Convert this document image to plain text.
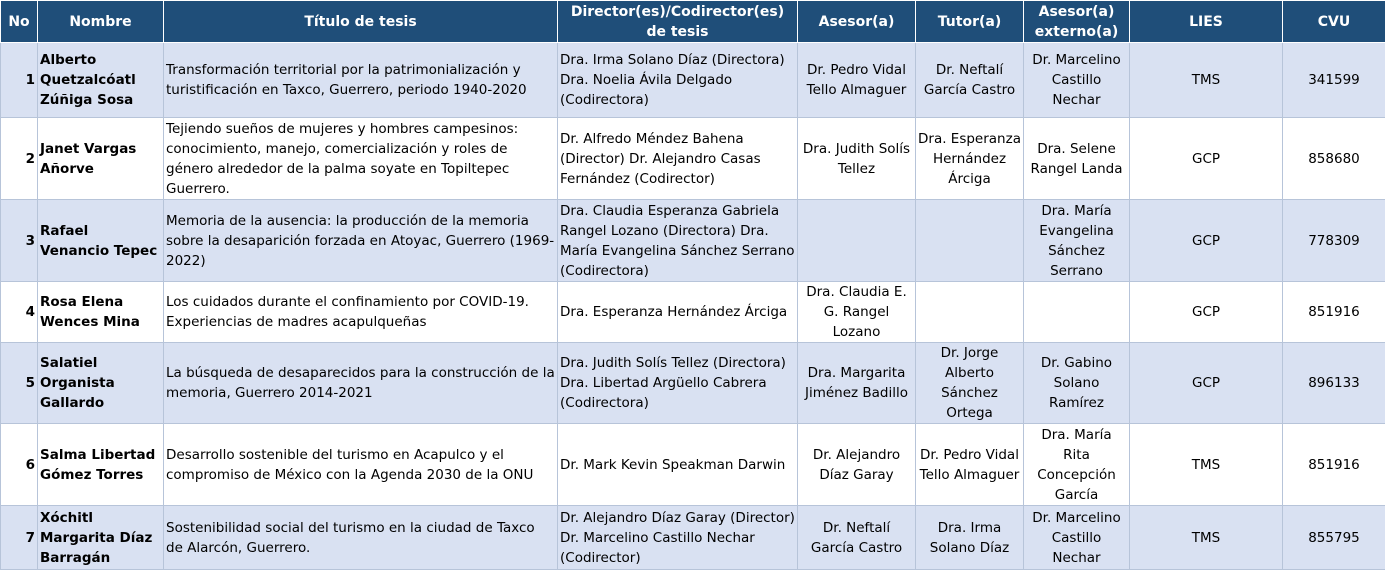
No	Nombre	Título de tesis	Director(es)/Codirector(es) de tesis	Asesor(a)	Tutor(a)	Asesor(a) externo(a)	LIES	CVU
1	Alberto Quetzalcóatl Zúñiga Sosa	Transformación territorial por la patrimonialización y turistificación en Taxco, Guerrero, periodo 1940-2020	Dra. Irma Solano Díaz (Directora) Dra. Noelia Ávila Delgado (Codirectora)	Dr. Pedro Vidal Tello Almaguer	Dr. Neftalí García Castro	Dr. Marcelino Castillo Nechar	TMS	341599
2	Janet Vargas Añorve	Tejiendo sueños de mujeres y hombres campesinos: conocimiento, manejo, comercialización y roles de género alrededor de la palma soyate en Topiltepec Guerrero.	Dr. Alfredo Méndez Bahena (Director) Dr. Alejandro Casas Fernández (Codirector)	Dra. Judith Solís Tellez	Dra. Esperanza Hernández Árciga	Dra. Selene Rangel Landa	GCP	858680
3	Rafael Venancio Tepec	Memoria de la ausencia: la producción de la memoria sobre la desaparición forzada en Atoyac, Guerrero (1969-2022)	Dra. Claudia Esperanza Gabriela Rangel Lozano (Directora) Dra. María Evangelina Sánchez Serrano (Codirectora)			Dra. María Evangelina Sánchez Serrano	GCP	778309
4	Rosa Elena Wences Mina	Los cuidados durante el confinamiento por COVID-19. Experiencias de madres acapulqueñas	Dra. Esperanza Hernández Árciga	Dra. Claudia E. G. Rangel Lozano			GCP	851916
5	Salatiel Organista Gallardo	La búsqueda de desaparecidos para la construcción de la memoria, Guerrero 2014-2021	Dra. Judith Solís Tellez (Directora) Dra. Libertad Argüello Cabrera (Codirectora)	Dra. Margarita Jiménez Badillo	Dr. Jorge Alberto Sánchez Ortega	Dr. Gabino Solano Ramírez	GCP	896133
6	Salma Libertad Gómez Torres	Desarrollo sostenible del turismo en Acapulco y el compromiso de México con la Agenda 2030 de la ONU	Dr. Mark Kevin Speakman Darwin	Dr. Alejandro Díaz Garay	Dr. Pedro Vidal Tello Almaguer	Dra. María Rita Concepción García	TMS	851916
7	Xóchitl Margarita Díaz Barragán	Sostenibilidad social del turismo en la ciudad de Taxco de Alarcón, Guerrero.	Dr. Alejandro Díaz Garay (Director) Dr. Marcelino Castillo Nechar (Codirector)	Dr. Neftalí García Castro	Dra. Irma Solano Díaz	Dr. Marcelino Castillo Nechar	TMS	855795
